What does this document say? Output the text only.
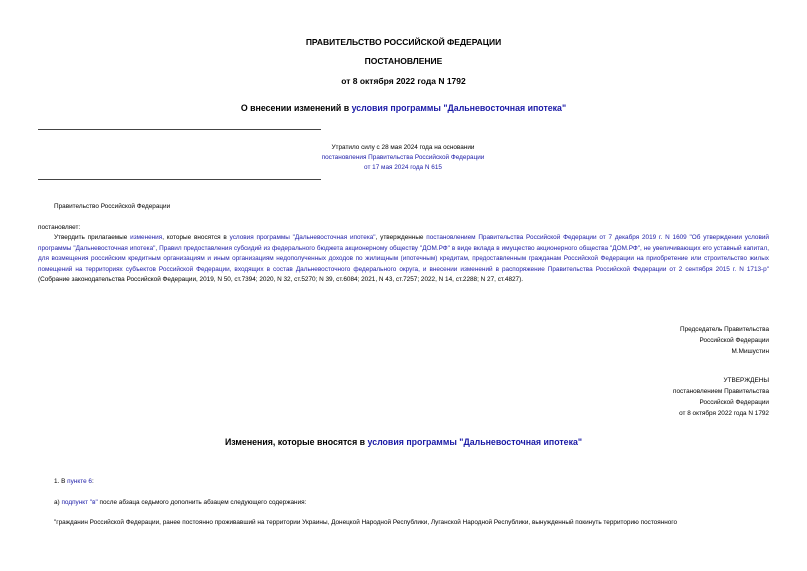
ПРАВИТЕЛЬСТВО РОССИЙСКОЙ ФЕДЕРАЦИИ
ПОСТАНОВЛЕНИЕ
от 8 октября 2022 года N 1792
О внесении изменений в условия программы "Дальневосточная ипотека"
Утратило силу с 28 мая 2024 года на основании
постановления Правительства Российской Федерации
от 17 мая 2024 года N 615
Правительство Российской Федерации
постановляет:
Утвердить прилагаемые изменения, которые вносятся в условия программы "Дальневосточная ипотека", утвержденные постановлением Правительства Российской Федерации от 7 декабря 2019 г. N 1609 "Об утверждении условий программы "Дальневосточная ипотека", Правил предоставления субсидий из федерального бюджета акционерному обществу "ДОМ.РФ" в виде вклада в имущество акционерного общества "ДОМ.РФ", не увеличивающих его уставный капитал, для возмещения российским кредитным организациям и иным организациям недополученных доходов по жилищным (ипотечным) кредитам, предоставленным гражданам Российской Федерации на приобретение или строительство жилых помещений на территориях субъектов Российской Федерации, входящих в состав Дальневосточного федерального округа, и внесении изменений в распоряжение Правительства Российской Федерации от 2 сентября 2015 г. N 1713-р" (Собрание законодательства Российской Федерации, 2019, N 50, ст.7394; 2020, N 32, ст.5270; N 39, ст.6084; 2021, N 43, ст.7257; 2022, N 14, ст.2288; N 27, ст.4827).
Председатель Правительства
Российской Федерации
М.Мишустин
УТВЕРЖДЕНЫ
постановлением Правительства
Российской Федерации
от 8 октября 2022 года N 1792
Изменения, которые вносятся в условия программы "Дальневосточная ипотека"
1. В пункте 6:
а) подпункт "в" после абзаца седьмого дополнить абзацем следующего содержания:
"гражданин Российской Федерации, ранее постоянно проживавший на территории Украины, Донецкой Народной Республики, Луганской Народной Республики, вынужденный покинуть территорию постоянного
